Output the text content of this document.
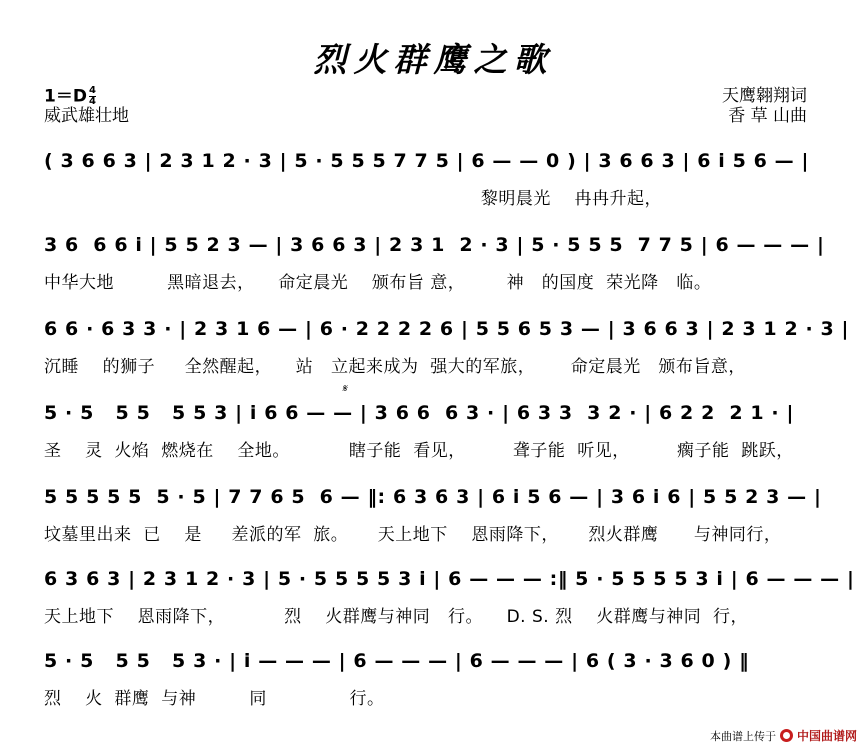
烈火群鹰之歌
$1=D \frac{4}{4}$
威武雄壮地
天鹰翱翔词
香 草 山曲
( 3 6 6 3 | 2 3 1 2 · 3 | 5 · 5 5 5 7 7 5 | 6 — — 0 ) | 3 6 6 3 | 6 i 5 6 — |
黎明晨光    冉冉升起，
3 6  6 6 i | 5 5 2 3 — | 3 6 6 3 | 2 3 1  2 · 3 | 5 · 5 5 5  7 7 5 | 6 — — — |
中华大地         黑暗退去，    命定晨光    颁布旨 意，       神   的国度  荣光降   临。
6 6 · 6 3 3 · | 2 3 1 6 — | 6 · 2 2 2 2 6 | 5 5 6 5 3 — | 3 6 6 3 | 2 3 1 2 · 3 |
沉睡    的狮子     全然醒起，    站   立起来成为  强大的军旅，      命定晨光   颁布旨意，
5 · 5   5 5   5 5 3 | i 6 6 — — | 3 6 6  6 3 · | 6 3 3  3 2 · | 6 2 2  2 1 · |
圣    灵  火焰  燃烧在    全地。          瞎子能  看见，        聋子能  听见，        瘸子能  跳跃，
𝄋
5 5 5 5 5  5 · 5 | 7 7 6 5  6 — ‖: 6 3 6 3 | 6 i 5 6 — | 3 6 i 6 | 5 5 2 3 — |
坟墓里出来  已    是     差派的军  旅。     天上地下    恩雨降下，     烈火群鹰      与神同行，
6 3 6 3 | 2 3 1 2 · 3 | 5 · 5 5 5 5 3 i | 6 — — — :‖ 5 · 5 5 5 5 3 i | 6 — — — |
天上地下    恩雨降下，          烈    火群鹰与神同   行。    D. S. 烈    火群鹰与神同  行，
5 · 5   5 5   5 3 · | i — — — | 6 — — — | 6 — — — | 6 ( 3 · 3 6 0 ) ‖
烈    火  群鹰  与神         同              行。
本曲谱上传于 中国曲谱网
